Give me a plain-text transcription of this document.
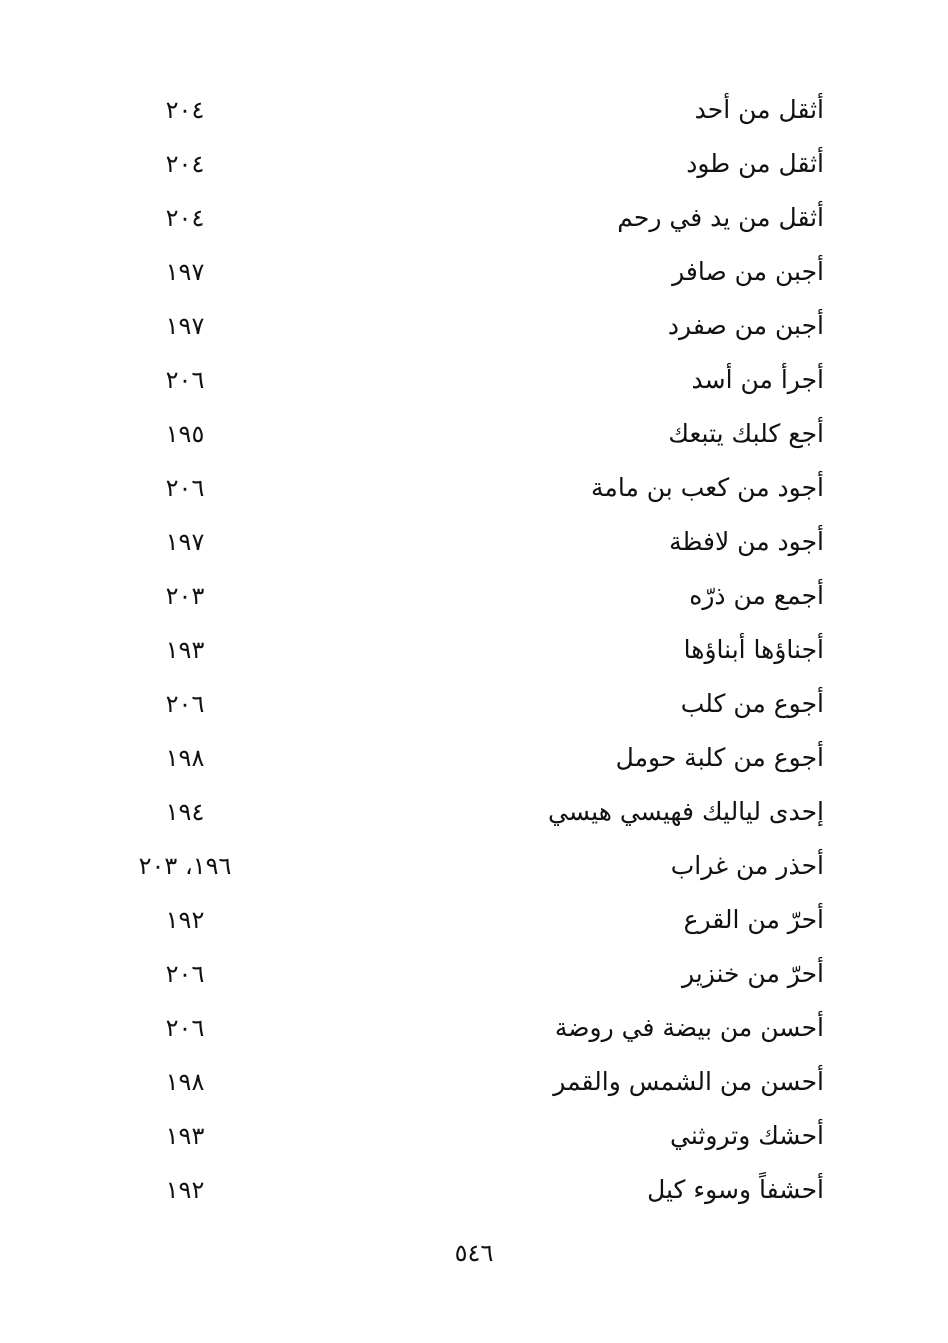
أثقل من أحد
٢٠٤
أثقل من طود
٢٠٤
أثقل من يد في رحم
٢٠٤
أجبن من صافر
١٩٧
أجبن من صفرد
١٩٧
أجرأ من أسد
٢٠٦
أجع كلبك يتبعك
١٩٥
أجود من كعب بن مامة
٢٠٦
أجود من لافظة
١٩٧
أجمع من ذرّه
٢٠٣
أجناؤها أبناؤها
١٩٣
أجوع من كلب
٢٠٦
أجوع من كلبة حومل
١٩٨
إحدى لياليك فهيسي هيسي
١٩٤
أحذر من غراب
١٩٦، ٢٠٣
أحرّ من القرع
١٩٢
أحرّ من خنزير
٢٠٦
أحسن من بيضة في روضة
٢٠٦
أحسن من الشمس والقمر
١٩٨
أحشك وتروثني
١٩٣
أحشفاً وسوء كيل
١٩٢
٥٤٦
